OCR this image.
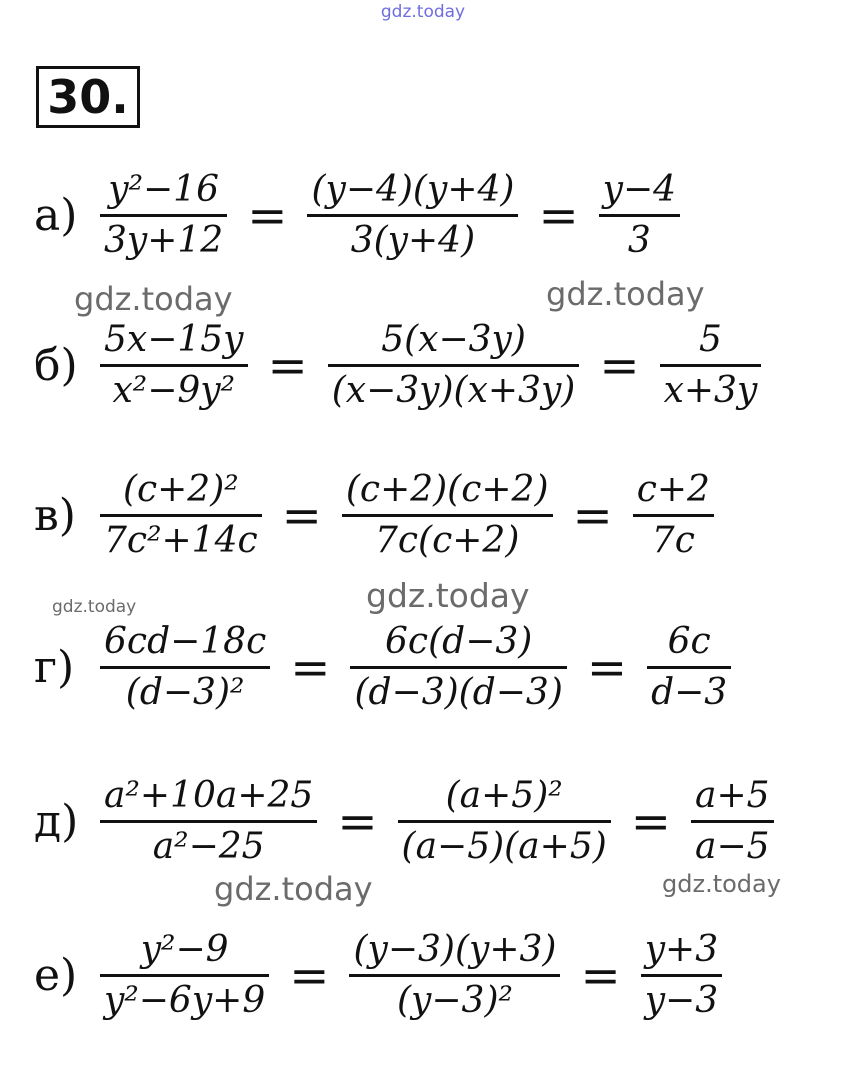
gdz.today
gdz.today	gdz.today
gdz.today
gdz.today
gdz.today	gdz.today
30.
$а) \frac{\text{y²−16}}{3y+12} = \frac{(y-4)(y+4)}{3(y+4)} = \frac{y-4}{3}$
$б) \frac{5x-15y}{\text{x²−9y²}} = \frac{5(x-3y)}{(x-3y)(x+3y)} = \frac{5}{x+3y}$
$в) \frac{\text{(c+2)²}}{\text{7c²+14c}} = \frac{(c+2)(c+2)}{7c(c+2)} = \frac{c+2}{7c}$
$г) \frac{6cd-18c}{\text{(d−3)²}} = \frac{6c(d-3)}{(d-3)(d-3)} = \frac{6c}{d-3}$
$д) \frac{\text{a²+10a+25}}{\text{a²−25}} = \frac{\text{(a+5)²}}{(a-5)(a+5)} = \frac{a+5}{a-5}$
$е) \frac{\text{y²−9}}{\text{y²−6y+9}} = \frac{(y-3)(y+3)}{\text{(y−3)²}} = \frac{y+3}{y-3}$
